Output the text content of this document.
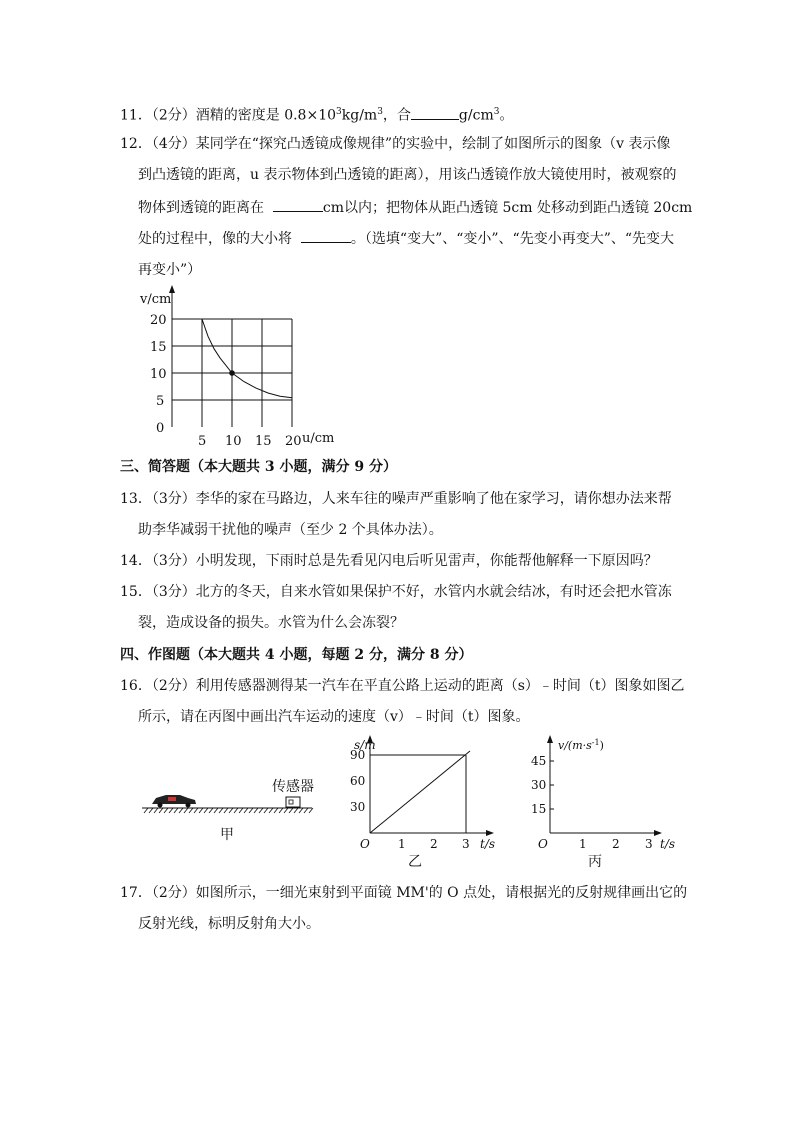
11．（2分）酒精的密度是 $0.8\times 10^3kg/m^3$，合	$g/cm^3$。
12．（4分）某同学在“探究凸透镜成像规律”的实验中，绘制了如图所示的图象（v 表示像
到凸透镜的距离，u 表示物体到凸透镜的距离），用该凸透镜作放大镜使用时，被观察的
物体到透镜的距离在	cm以内；把物体从距凸透镜 5cm 处移动到距凸透镜 20cm
处的过程中，像的大小将	。（选填“变大”、“变小”、“先变小再变大”、“先变大
再变小”）
5 10 15 20
0
5
10
15
20
v/cm
u/cm
三、简答题（本大题共 3 小题，满分 9 分）
13．（3分）李华的家在马路边，人来车往的噪声严重影响了他在家学习，请你想办法来帮
助李华减弱干扰他的噪声（至少 2 个具体办法）。
14．（3分）小明发现，下雨时总是先看见闪电后听见雷声，你能帮他解释一下原因吗？
15．（3分）北方的冬天，自来水管如果保护不好，水管内水就会结冰，有时还会把水管冻
裂，造成设备的损失。水管为什么会冻裂？
四、作图题（本大题共 4 小题，每题 2 分，满分 8 分）
16．（2分）利用传感器测得某一汽车在平直公路上运动的距离（s）﹣时间（t）图象如图乙
所示，请在丙图中画出汽车运动的速度（v）﹣时间（t）图象。
传感器
甲
1 2 3
30
60
90
s/m
t/s
O
乙
1 2 3
15
30
45
$v/(m\cdot s^{-1})$
t/s
O
丙
17．（2分）如图所示，一细光束射到平面镜 MM'的 O 点处，请根据光的反射规律画出它的
反射光线，标明反射角大小。
